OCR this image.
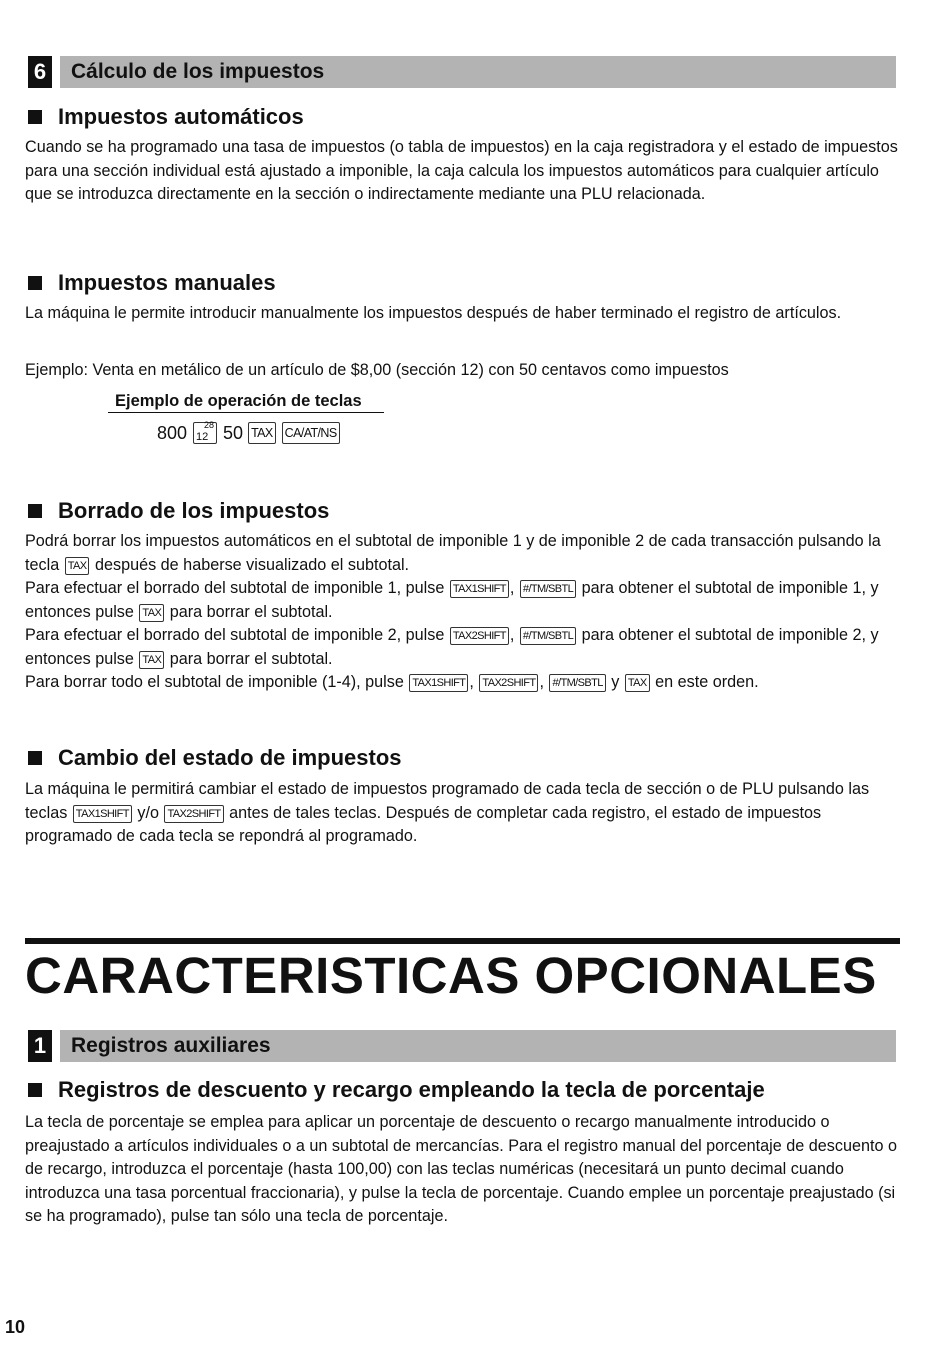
6	Cálculo de los impuestos
Impuestos automáticos

Cuando se ha programado una tasa de impuestos (o tabla de impuestos) en la caja registradora y el estado de impuestos para una sección individual está ajustado a imponible, la caja calcula los impuestos automáticos para cualquier artículo que se introduzca directamente en la sección o indirectamente mediante una PLU relacionada.

Impuestos manuales

La máquina le permite introducir manualmente los impuestos después de haber terminado el registro de artículos.

Ejemplo: Venta en metálico de un artículo de $8,00 (sección 12) con 50 centavos como impuestos

Ejemplo de operación de teclas
800 28
12 50 TAX CA/AT/NS
Borrado de los impuestos

Podrá borrar los impuestos automáticos en el subtotal de imponible 1 y de imponible 2 de cada transacción pulsando la tecla TAX después de haberse visualizado el subtotal.

Para efectuar el borrado del subtotal de imponible 1, pulse TAX1SHIFT , #/TM/SBTL para obtener el subtotal de imponible 1, y entonces pulse TAX para borrar el subtotal.

Para efectuar el borrado del subtotal de imponible 2, pulse TAX2SHIFT , #/TM/SBTL para obtener el subtotal de imponible 2, y entonces pulse TAX para borrar el subtotal.

Para borrar todo el subtotal de imponible (1-4), pulse TAX1SHIFT , TAX2SHIFT , #/TM/SBTL y TAX en este orden.

Cambio del estado de impuestos

La máquina le permitirá cambiar el estado de impuestos programado de cada tecla de sección o de PLU pulsando las teclas TAX1SHIFT y/o TAX2SHIFT antes de tales teclas. Después de completar cada registro, el estado de impuestos programado de cada tecla se repondrá al programado.

CARACTERISTICAS OPCIONALES
1	Registros auxiliares
Registros de descuento y recargo empleando la tecla de porcentaje

La tecla de porcentaje se emplea para aplicar un porcentaje de descuento o recargo manualmente introducido o preajustado a artículos individuales o a un subtotal de mercancías. Para el registro manual del porcentaje de descuento o de recargo, introduzca el porcentaje (hasta 100,00) con las teclas numéricas (necesitará un punto decimal cuando introduzca una tasa porcentual fraccionaria), y pulse la tecla de porcentaje. Cuando emplee un porcentaje preajustado (si se ha programado), pulse tan sólo una tecla de porcentaje.

10
